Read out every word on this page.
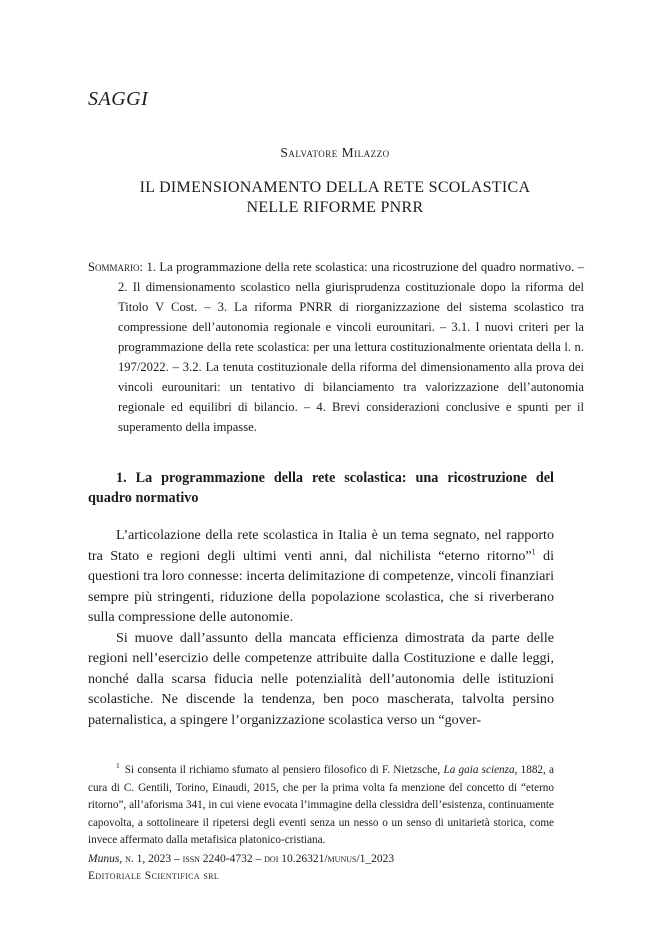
SAGGI

Salvatore Milazzo

IL DIMENSIONAMENTO DELLA RETE SCOLASTICA
NELLE RIFORME PNRR

Sommario: 1. La programmazione della rete scolastica: una ricostruzione del quadro normativo. – 2. Il dimensionamento scolastico nella giurisprudenza costituzionale dopo la riforma del Titolo V Cost. – 3. La riforma PNRR di riorganizzazione del sistema scolastico tra compressione dell’autonomia regionale e vincoli eurounitari. – 3.1. I nuovi criteri per la programmazione della rete scolastica: per una lettura costituzionalmente orientata della l. n. 197/2022. – 3.2. La tenuta costituzionale della riforma del dimensionamento alla prova dei vincoli eurounitari: un tentativo di bilanciamento tra valorizzazione dell’autonomia regionale ed equilibri di bilancio. – 4. Brevi considerazioni conclusive e spunti per il superamento della impasse.

1. La programmazione della rete scolastica: una ricostruzione del quadro normativo

L’articolazione della rete scolastica in Italia è un tema segnato, nel rapporto tra Stato e regioni degli ultimi venti anni, dal nichilista “eterno ritorno”$^1$ di questioni tra loro connesse: incerta delimitazione di competenze, vincoli finanziari sempre più stringenti, riduzione della popolazione scolastica, che si riverberano sulla compressione delle autonomie.

Si muove dall’assunto della mancata efficienza dimostrata da parte delle regioni nell’esercizio delle competenze attribuite dalla Costituzione e dalle leggi, nonché dalla scarsa fiducia nelle potenzialità dell’autonomia delle istituzioni scolastiche. Ne discende la tendenza, ben poco mascherata, talvolta persino paternalistica, a spingere l’organizzazione scolastica verso un “gover-

$^1$ Si consenta il richiamo sfumato al pensiero filosofico di F. Nietzsche, La gaia scienza, 1882, a cura di C. Gentili, Torino, Einaudi, 2015, che per la prima volta fa menzione del concetto di “eterno ritorno”, all’aforisma 341, in cui viene evocata l’immagine della clessidra dell’esistenza, continuamente capovolta, a sottolineare il ripetersi degli eventi senza un nesso o un senso di unitarietà storica, come invece affermato dalla metafisica platonico-cristiana.

Munus, n. 1, 2023 – issn 2240-4732 – doi 10.26321/munus/1_2023
Editoriale Scientifica srl
